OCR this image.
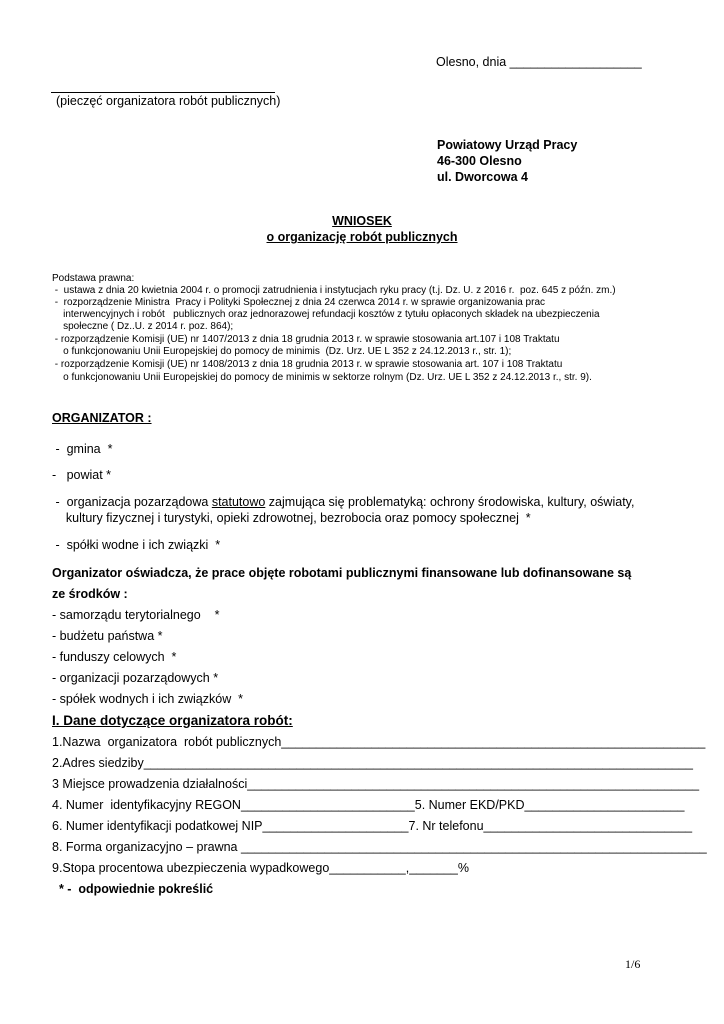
Olesno, dnia ___________________
(pieczęć organizatora robót publicznych)
Powiatowy Urząd Pracy
46-300 Olesno
ul. Dworcowa 4
WNIOSEK
o organizację robót publicznych
Podstawa prawna:
-  ustawa z dnia 20 kwietnia 2004 r. o promocji zatrudnienia i instytucjach ryku pracy (t.j. Dz. U. z 2016 r.  poz. 645 z późn. zm.)
-  rozporządzenie Ministra  Pracy i Polityki Społecznej z dnia 24 czerwca 2014 r. w sprawie organizowania prac
interwencyjnych i robót   publicznych oraz jednorazowej refundacji kosztów z tytułu opłaconych składek na ubezpieczenia
społeczne ( Dz..U. z 2014 r. poz. 864);
- rozporządzenie Komisji (UE) nr 1407/2013 z dnia 18 grudnia 2013 r. w sprawie stosowania art.107 i 108 Traktatu
o funkcjonowaniu Unii Europejskiej do pomocy de minimis  (Dz. Urz. UE L 352 z 24.12.2013 r., str. 1);
- rozporządzenie Komisji (UE) nr 1408/2013 z dnia 18 grudnia 2013 r. w sprawie stosowania art. 107 i 108 Traktatu
o funkcjonowaniu Unii Europejskiej do pomocy de minimis w sektorze rolnym (Dz. Urz. UE L 352 z 24.12.2013 r., str. 9).
ORGANIZATOR :
-  gmina  *
-   powiat *
-  organizacja pozarządowa statutowo zajmująca się problematyką: ochrony środowiska, kultury, oświaty,
kultury fizycznej i turystyki, opieki zdrowotnej, bezrobocia oraz pomocy społecznej  *
-  spółki wodne i ich związki  *
Organizator oświadcza, że prace objęte robotami publicznymi finansowane lub dofinansowane są
ze środków :
- samorządu terytorialnego    *
- budżetu państwa *
- funduszy celowych  *
- organizacji pozarządowych *
- spółek wodnych i ich związków  *
I. Dane dotyczące organizatora robót:
1.Nazwa  organizatora  robót publicznych_____________________________________________________________
2.Adres siedziby_______________________________________________________________________________
3 Miejsce prowadzenia działalności_________________________________________________________________
4. Numer  identyfikacyjny REGON_________________________5. Numer EKD/PKD_______________________
6. Numer identyfikacji podatkowej NIP_____________________7. Nr telefonu______________________________
8. Forma organizacyjno – prawna ___________________________________________________________________
9.Stopa procentowa ubezpieczenia wypadkowego___________,_______%
* -  odpowiednie pokreślić
1/6
